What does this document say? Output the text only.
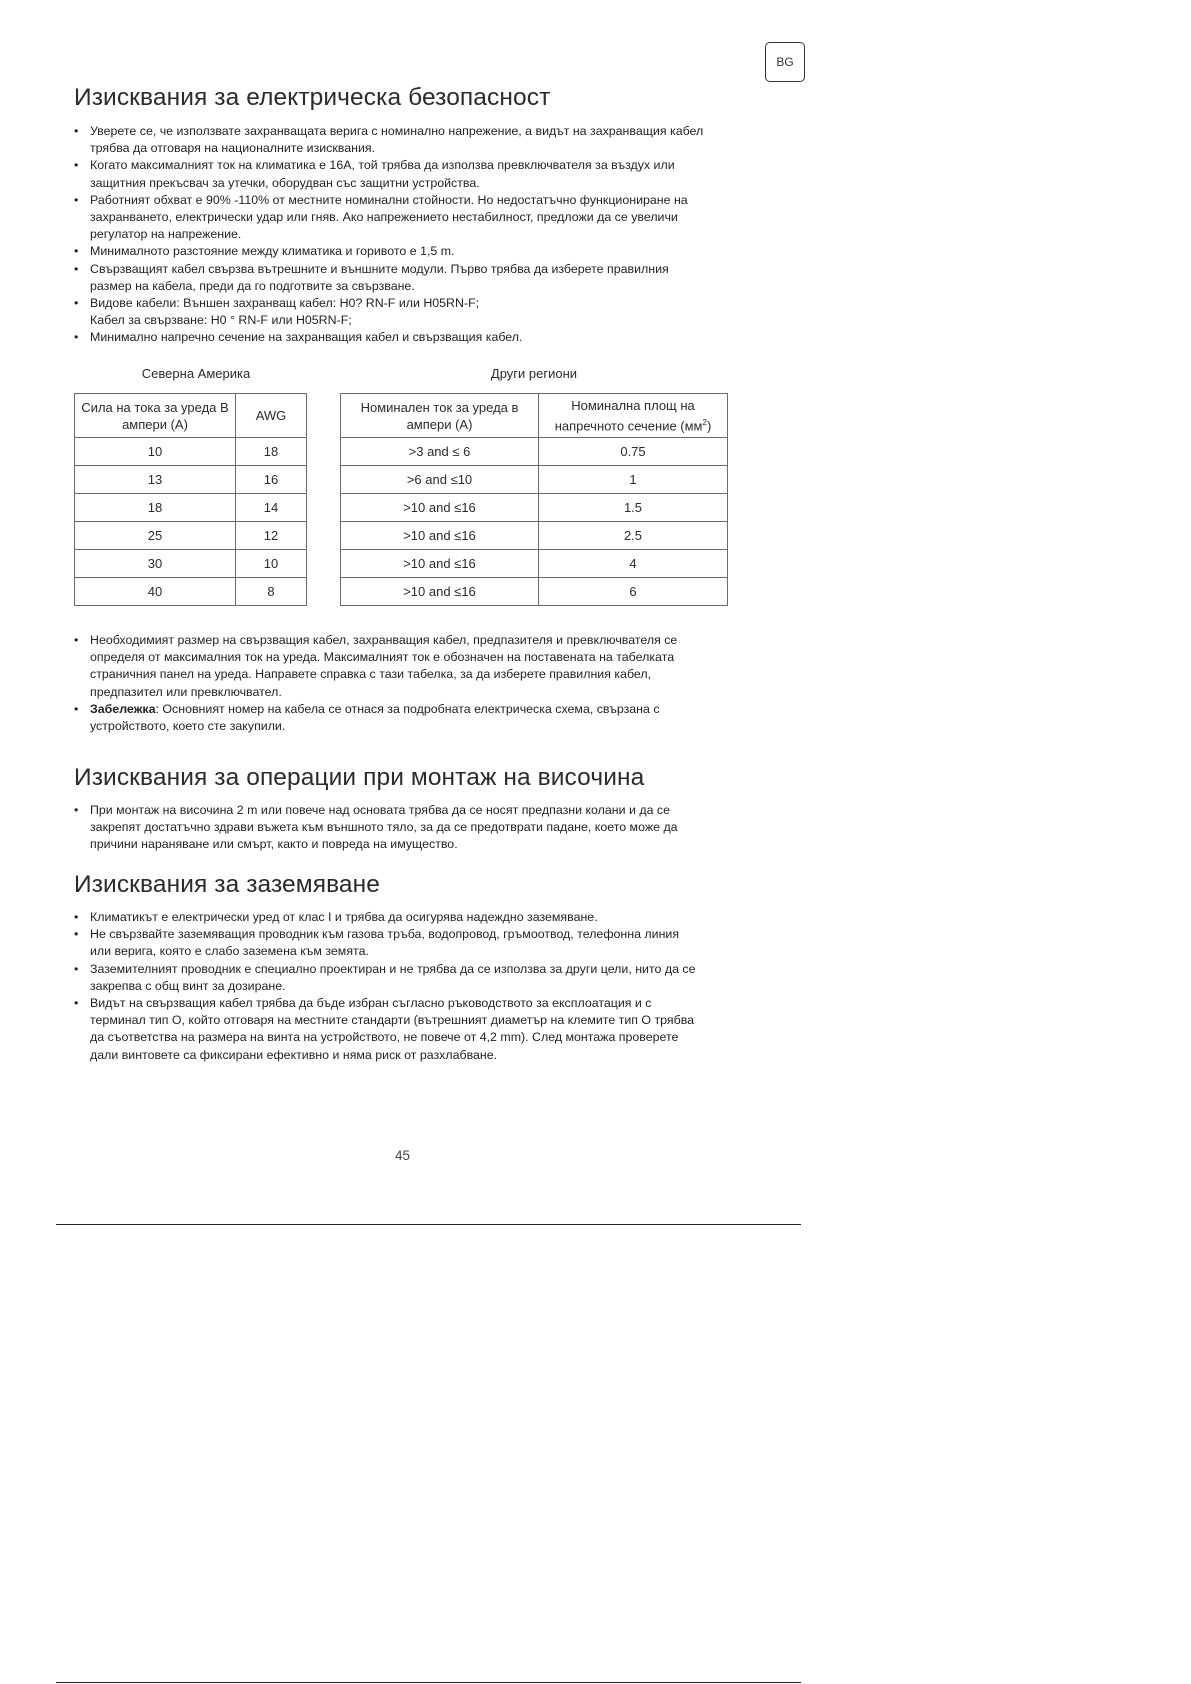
BG
Изисквания за електрическа безопасност
• Уверете се, че използвате захранващата верига с номинално напрежение, а видът на захранващия кабел
трябва да отговаря на националните изисквания.
• Когато максималният ток на климатика е 16А, той трябва да използва превключвателя за въздух или
защитния прекъсвач за утечки, оборудван със защитни устройства.
• Работният обхват е 90% -110% от местните номинални стойности. Но недостатъчно функциониране на
захранването, електрически удар или гняв. Ако напрежението нестабилност, предложи да се увеличи
регулатор на напрежение.
• Минималното разстояние между климатика и горивото е 1,5 m.
• Свързващият кабел свързва вътрешните и външните модули. Първо трябва да изберете правилния
размер на кабела, преди да го подготвите за свързване.
• Видове кабели: Външен захранващ кабел: H0? RN-F или H05RN-F;
Кабел за свързване: H0 ° RN-F или H05RN-F;
• Минимално напречно сечение на захранващия кабел и свързващия кабел.
Северна Америка	Други региони
Сила на тока за уреда В ампери (А)	AWG
10	18
13	16
18	14
25	12
30	10
40	8
Номинален ток за уреда в ампери (А)	Номинална площ на напречното сечение $(мм^2)$
>3 and ≤ 6	0.75
>6 and ≤10	1
>10 and ≤16	1.5
>10 and ≤16	2.5
>10 and ≤16	4
>10 and ≤16	6
• Необходимият размер на свързващия кабел, захранващия кабел, предпазителя и превключвателя се
определя от максималния ток на уреда. Максималният ток е обозначен на поставената на табелката
страничния панел на уреда. Направете справка с тази табелка, за да изберете правилния кабел,
предпазител или превключвател.
• Забележка: Основният номер на кабела се отнася за подробната електрическа схема, свързана с
устройството, което сте закупили.
Изисквания за операции при монтаж на височина
• При монтаж на височина 2 m или повече над основата трябва да се носят предпазни колани и да се
закрепят достатъчно здрави въжета към външното тяло, за да се предотврати падане, което може да
причини нараняване или смърт, както и повреда на имущество.
Изисквания за заземяване
• Климатикът е електрически уред от клас I и трябва да осигурява надеждно заземяване.
• Не свързвайте заземяващия проводник към газова тръба, водопровод, гръмоотвод, телефонна линия
или верига, която е слабо заземена към земята.
• Заземителният проводник е специално проектиран и не трябва да се използва за други цели, нито да се
закрепва с общ винт за дозиране.
• Видът на свързващия кабел трябва да бъде избран съгласно ръководството за експлоатация и с
терминал тип O, който отговаря на местните стандарти (вътрешният диаметър на клемите тип O трябва
да съответства на размера на винта на устройството, не повече от 4,2 mm). След монтажа проверете
дали винтовете са фиксирани ефективно и няма риск от разхлабване.
45
